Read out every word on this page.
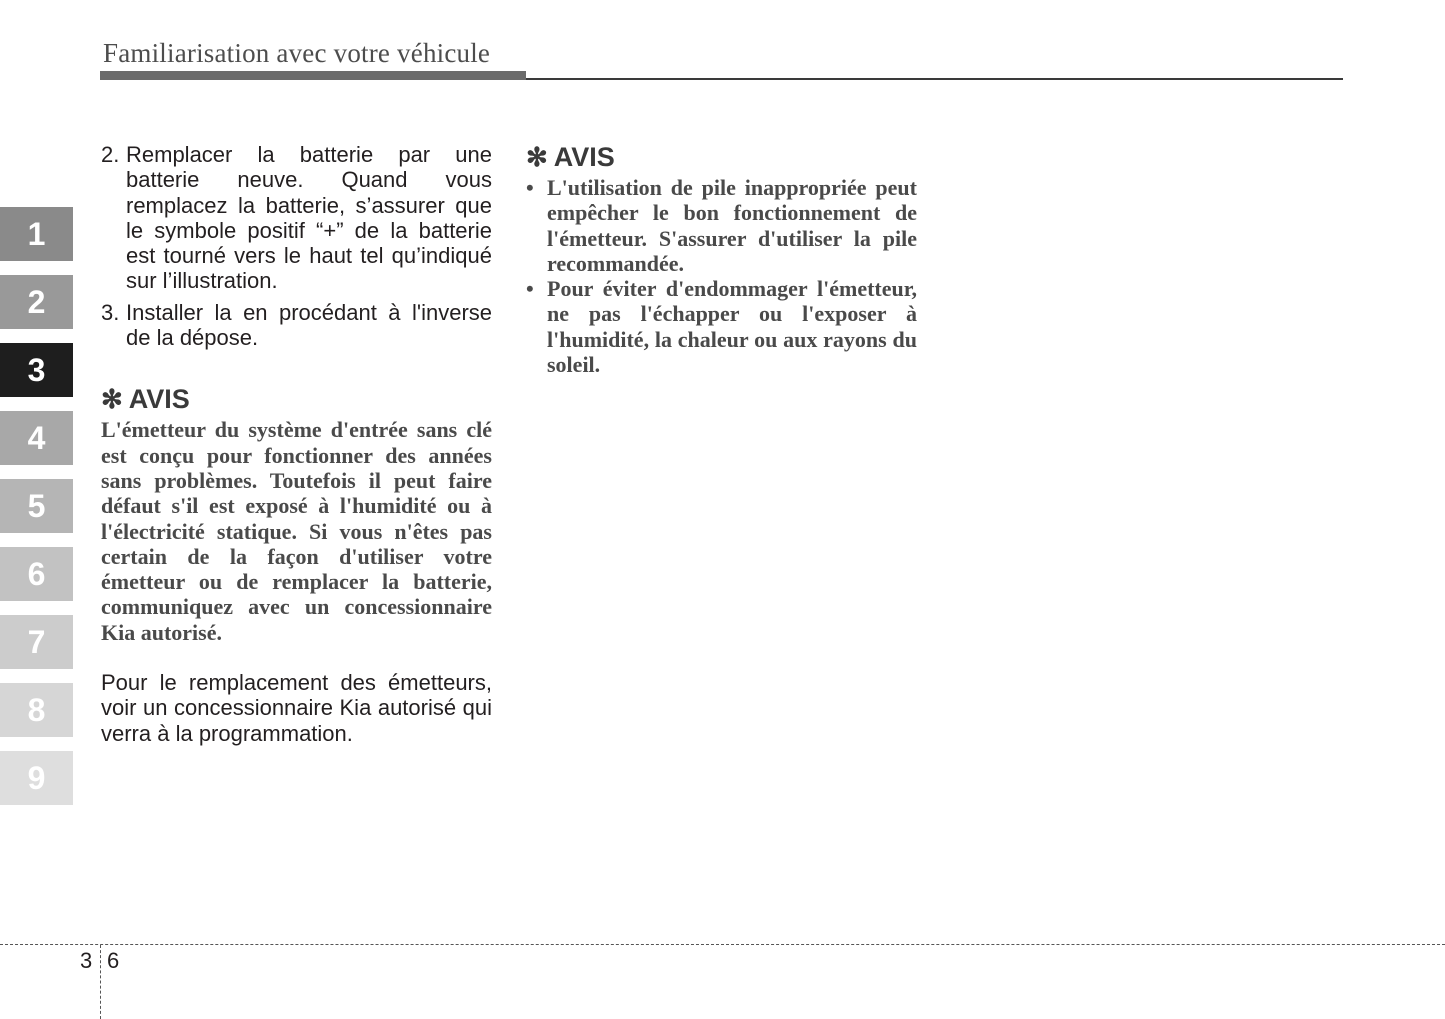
Familiarisation avec votre véhicule
1
2
3
4
5
6
7
8
9
2. Remplacer la batterie par une batterie neuve. Quand vous remplacez la batterie, s’assurer que le symbole positif “+” de la batterie est tourné vers le haut tel qu’indiqué sur l’illustration.
3. Installer la en procédant à l'inverse de la dépose.
✻ AVIS

L'émetteur du système d'entrée sans clé est conçu pour fonctionner des années sans problèmes. Toutefois il peut faire défaut s'il est exposé à l'humidité ou à l'électricité statique. Si vous n'êtes pas certain de la façon d'utiliser votre émetteur ou de remplacer la batterie, communiquez avec un concessionnaire Kia autorisé.

Pour le remplacement des émetteurs, voir un concessionnaire Kia autorisé qui verra à la programmation.

✻ AVIS
• L'utilisation de pile inappropriée peut empêcher le bon fonctionnement de l'émetteur. S'assurer d'utiliser la pile recommandée.
• Pour éviter d'endommager l'émetteur, ne pas l'échapper ou l'exposer à l'humidité, la chaleur ou aux rayons du soleil.
3 6
